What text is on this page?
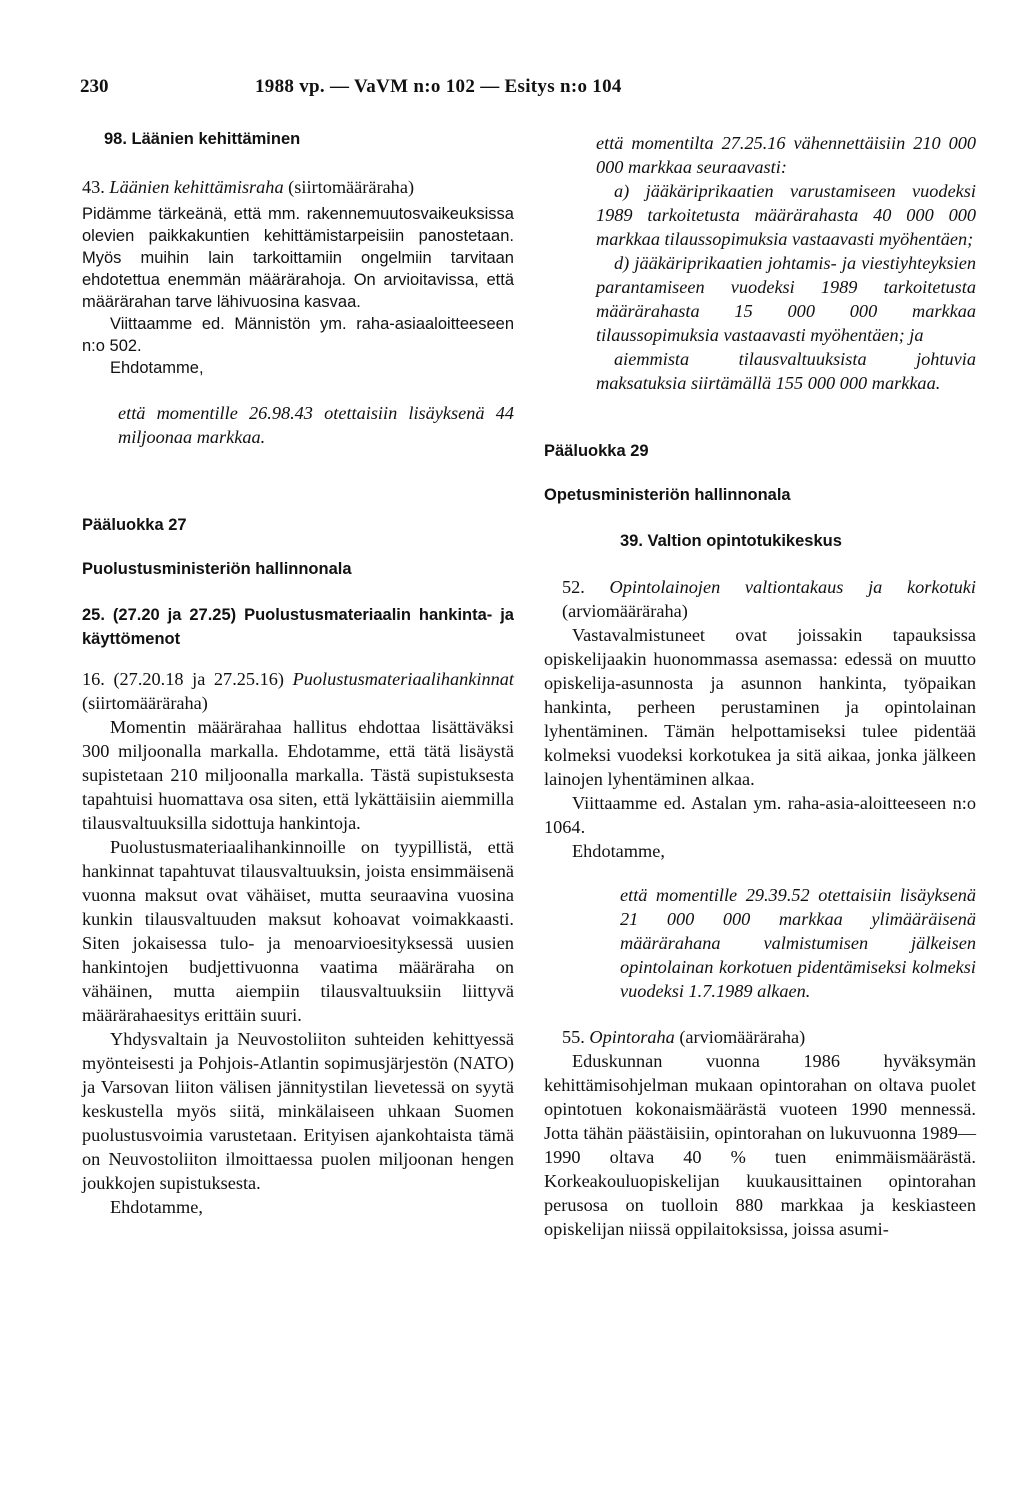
230	1988 vp. — VaVM n:o 102 — Esitys n:o 104

98. Läänien kehittäminen

43. Läänien kehittämisraha (siirtomääräraha)

Pidämme tärkeänä, että mm. rakennemuutosvaikeuksissa olevien paikkakuntien kehittämistarpeisiin panostetaan. Myös muihin lain tarkoittamiin ongelmiin tarvitaan ehdotettua enemmän määrärahoja. On arvioitavissa, että määrärahan tarve lähivuosina kasvaa.

Viittaamme ed. Männistön ym. raha-asiaaloitteeseen n:o 502.

Ehdotamme,

että momentille 26.98.43 otettaisiin lisäyksenä 44 miljoonaa markkaa.

Pääluokka 27

Puolustusministeriön hallinnonala

25. (27.20 ja 27.25) Puolustusmateriaalin hankinta- ja käyttömenot

16. (27.20.18 ja 27.25.16) Puolustusmateriaalihankinnat (siirtomääräraha)

Momentin määrärahaa hallitus ehdottaa lisättäväksi 300 miljoonalla markalla. Ehdotamme, että tätä lisäystä supistetaan 210 miljoonalla markalla. Tästä supistuksesta tapahtuisi huomattava osa siten, että lykättäisiin aiemmilla tilausvaltuuksilla sidottuja hankintoja.

Puolustusmateriaalihankinnoille on tyypillistä, että hankinnat tapahtuvat tilausvaltuuksin, joista ensimmäisenä vuonna maksut ovat vähäiset, mutta seuraavina vuosina kunkin tilausvaltuuden maksut kohoavat voimakkaasti. Siten jokaisessa tulo- ja menoarvioesityksessä uusien hankintojen budjettivuonna vaatima määräraha on vähäinen, mutta aiempiin tilausvaltuuksiin liittyvä määrärahaesitys erittäin suuri.

Yhdysvaltain ja Neuvostoliiton suhteiden kehittyessä myönteisesti ja Pohjois-Atlantin sopimusjärjestön (NATO) ja Varsovan liiton välisen jännitystilan lievetessä on syytä keskustella myös siitä, minkälaiseen uhkaan Suomen puolustusvoimia varustetaan. Erityisen ajankohtaista tämä on Neuvostoliiton ilmoittaessa puolen miljoonan hengen joukkojen supistuksesta.

Ehdotamme,

että momentilta 27.25.16 vähennettäisiin 210 000 000 markkaa seuraavasti:

a) jääkäriprikaatien varustamiseen vuodeksi 1989 tarkoitetusta määrärahasta 40 000 000 markkaa tilaussopimuksia vastaavasti myöhentäen;

d) jääkäriprikaatien johtamis- ja viestiyhteyksien parantamiseen vuodeksi 1989 tarkoitetusta määrärahasta 15 000 000 markkaa tilaussopimuksia vastaavasti myöhentäen; ja

aiemmista tilausvaltuuksista johtuvia maksatuksia siirtämällä 155 000 000 markkaa.

Pääluokka 29

Opetusministeriön hallinnonala

39. Valtion opintotukikeskus

52. Opintolainojen valtiontakaus ja korkotuki (arviomääräraha)

Vastavalmistuneet ovat joissakin tapauksissa opiskelijaakin huonommassa asemassa: edessä on muutto opiskelija-asunnosta ja asunnon hankinta, työpaikan hankinta, perheen perustaminen ja opintolainan lyhentäminen. Tämän helpottamiseksi tulee pidentää kolmeksi vuodeksi korkotukea ja sitä aikaa, jonka jälkeen lainojen lyhentäminen alkaa.

Viittaamme ed. Astalan ym. raha-asia-aloitteeseen n:o 1064.

Ehdotamme,

että momentille 29.39.52 otettaisiin lisäyksenä 21 000 000 markkaa ylimääräisenä määrärahana valmistumisen jälkeisen opintolainan korkotuen pidentämiseksi kolmeksi vuodeksi 1.7.1989 alkaen.

55. Opintoraha (arviomääräraha)

Eduskunnan vuonna 1986 hyväksymän kehittämisohjelman mukaan opintorahan on oltava puolet opintotuen kokonaismäärästä vuoteen 1990 mennessä. Jotta tähän päästäisiin, opintorahan on lukuvuonna 1989—1990 oltava 40 % tuen enimmäismäärästä. Korkeakouluopiskelijan kuukausittainen opintorahan perusosa on tuolloin 880 markkaa ja keskiasteen opiskelijan niissä oppilaitoksissa, joissa asumi-
